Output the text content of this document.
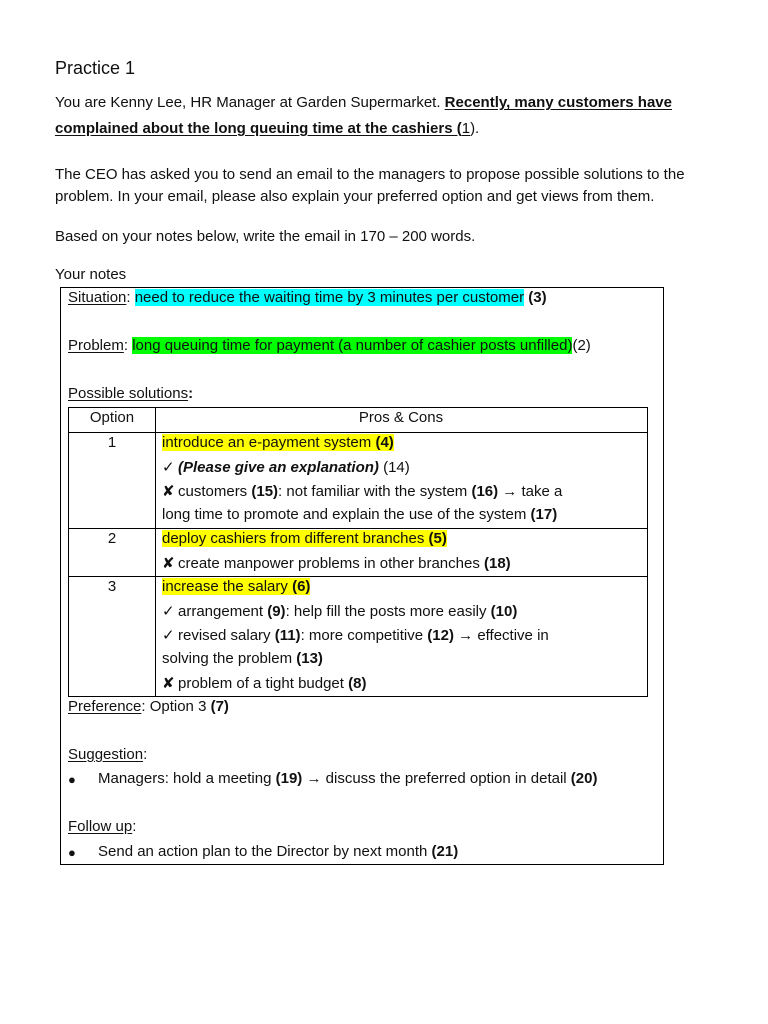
Practice 1
You are Kenny Lee, HR Manager at Garden Supermarket. Recently, many customers have
complained about the long queuing time at the cashiers (1).
The CEO has asked you to send an email to the managers to propose possible solutions to the
problem. In your email, please also explain your preferred option and get views from them.
Based on your notes below, write the email in 170 – 200 words.
Your notes
Situation: need to reduce the waiting time by 3 minutes per customer (3)
Problem: long queuing time for payment (a number of cashier posts unfilled)(2)
Possible solutions:
Option	Pros & Cons
1	introduce an e-payment system (4)
✓ (Please give an explanation) (14)
✘ customers (15): not familiar with the system (16) → take a
long time to promote and explain the use of the system (17)
2	deploy cashiers from different branches (5)
✘ create manpower problems in other branches (18)
3	increase the salary (6)
✓ arrangement (9): help fill the posts more easily (10)
✓ revised salary (11): more competitive (12) → effective in
solving the problem (13)
✘ problem of a tight budget (8)
Preference: Option 3 (7)
Suggestion:
● Managers: hold a meeting (19) → discuss the preferred option in detail (20)
Follow up:
● Send an action plan to the Director by next month (21)
